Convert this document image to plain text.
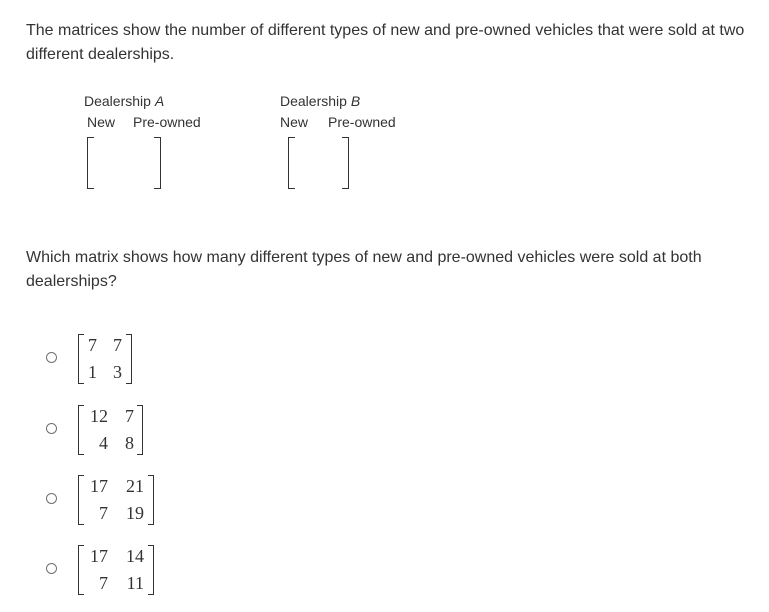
The matrices show the number of different types of new and pre-owned vehicles that were sold at two different dealerships.

Dealership A
New Pre-owned
Dealership B
New Pre-owned

Which matrix shows how many different types of new and pre-owned vehicles were sold at both dealerships?

7 7
1 3
12 7
4 8
17 21
7 19
17 14
7 11
